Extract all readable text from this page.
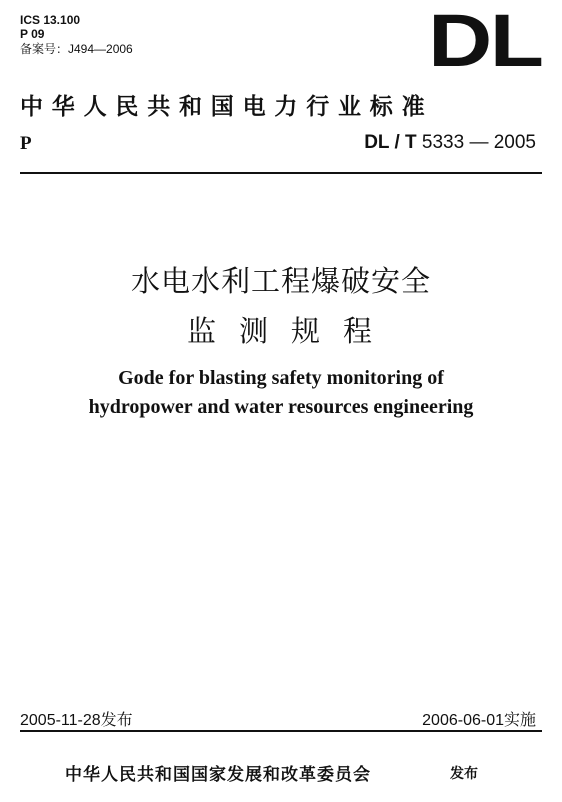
ICS 13.100
P 09
备案号：J494—2006	DL
中华人民共和国电力行业标准
P	DL / T 5333 — 2005
水电水利工程爆破安全
监测规程
Gode for blasting safety monitoring of
hydropower and water resources engineering
2005-11-28发布	2006-06-01实施
中华人民共和国国家发展和改革委员会	发布
